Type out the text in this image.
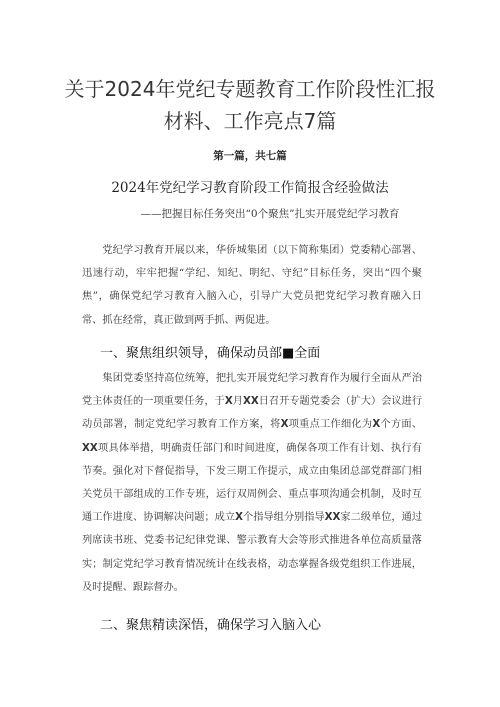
关于2024年党纪专题教育工作阶段性汇报
材料、工作亮点7篇
第一篇，共七篇
2024年党纪学习教育阶段工作简报含经验做法
——把握目标任务突出“0个聚焦”扎实开展党纪学习教育

党纪学习教育开展以来，华侨城集团（以下简称集团）党委精心部署、迅速行动，牢牢把握“学纪、知纪、明纪、守纪”目标任务，突出“四个聚焦”，确保党纪学习教育入脑入心，引导广大党员把党纪学习教育融入日常、抓在经常，真正做到两手抓、两促进。

一、聚焦组织领导，确保动员部■全面

集团党委坚持高位统筹，把扎实开展党纪学习教育作为履行全面从严治党主体责任的一项重要任务，于X月XX日召开专题党委会（扩大）会议进行动员部署，制定党纪学习教育工作方案，将X项重点工作细化为X个方面、XX项具体举措，明确责任部门和时间进度，确保各项工作有计划、执行有节奏。强化对下督促指导，下发三期工作提示，成立由集团总部党群部门相关党员干部组成的工作专班，运行双周例会、重点事项沟通会机制，及时互通工作进度、协调解决问题；成立X个指导组分别指导XX家二级单位，通过列席读书班、党委书记纪律党课、警示教育大会等形式推进各单位高质量落实；制定党纪学习教育情况统计在线表格，动态掌握各级党组织工作进展，及时提醒、跟踪督办。

二、聚焦精读深悟，确保学习入脑入心
